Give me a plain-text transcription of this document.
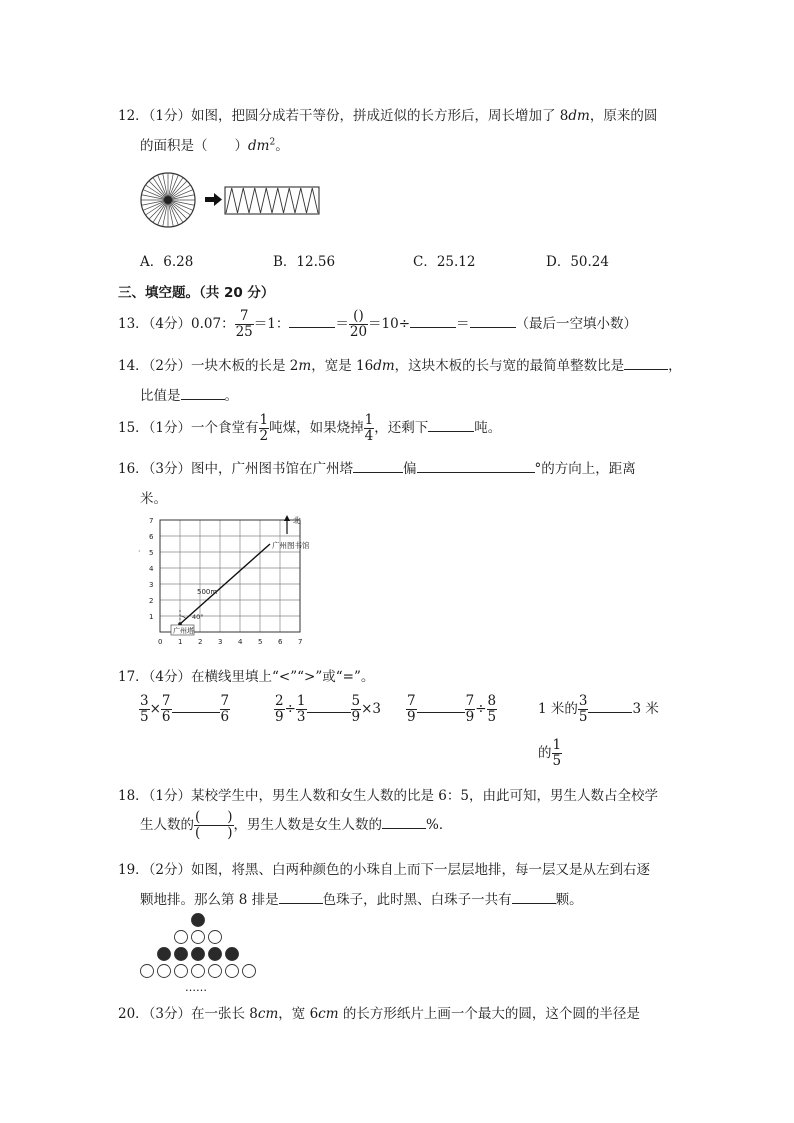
12．（1分）如图，把圆分成若干等份，拼成近似的长方形后，周长增加了 8dm，原来的圆
的面积是（　　）$dm^2$。
A．6.28	B．12.56	C．25.12	D．50.24
三、填空题。（共 20 分）
13．（4分）0.07： $\frac{7}{25} =1$：	＝ $\frac{()}{20} =10\div$	＝	（最后一空填小数）
14．（2分）一块木板的长是 2m，宽是 16dm，这块木板的长与宽的最简单整数比是	，
比值是	。
15．（1分）一个食堂有 $\frac{1}{2}$ 吨煤，如果烧掉 $\frac{1}{4}$ ，还剩下	吨。
16．（3分）图中，广州图书馆在广州塔	偏	°的方向上，距离
米。
7
6
5
4
3
2
1
0 1 2 3 4 5 6 7
北
40°
500m
广州图书馆
广州塔
·
17．（4分）在横线里填上“<”“>”或“=”。
$\frac{3}{5} \times \frac{7}{6}$	$\frac{7}{6}$	$\frac{2}{9} \div \frac{1}{3}$	$\frac{5}{9} \times 3 \frac{7}{9}$	$\frac{7}{9} \div \frac{8}{5}$	1 米的 $\frac{3}{5}$	3 米
的 $\frac{1}{5}$
18．（1分）某校学生中，男生人数和女生人数的比是 6：5，由此可知，男生人数占全校学
生人数的 $\frac{( )}{( )}$ ，男生人数是女生人数的	%．
19．（2分）如图，将黑、白两种颜色的小珠自上而下一层层地排，每一层又是从左到右逐
颗地排。那么第 8 排是	色珠子，此时黑、白珠子一共有	颗。
……
20．（3分）在一张长 8cm，宽 6cm 的长方形纸片上画一个最大的圆，这个圆的半径是
